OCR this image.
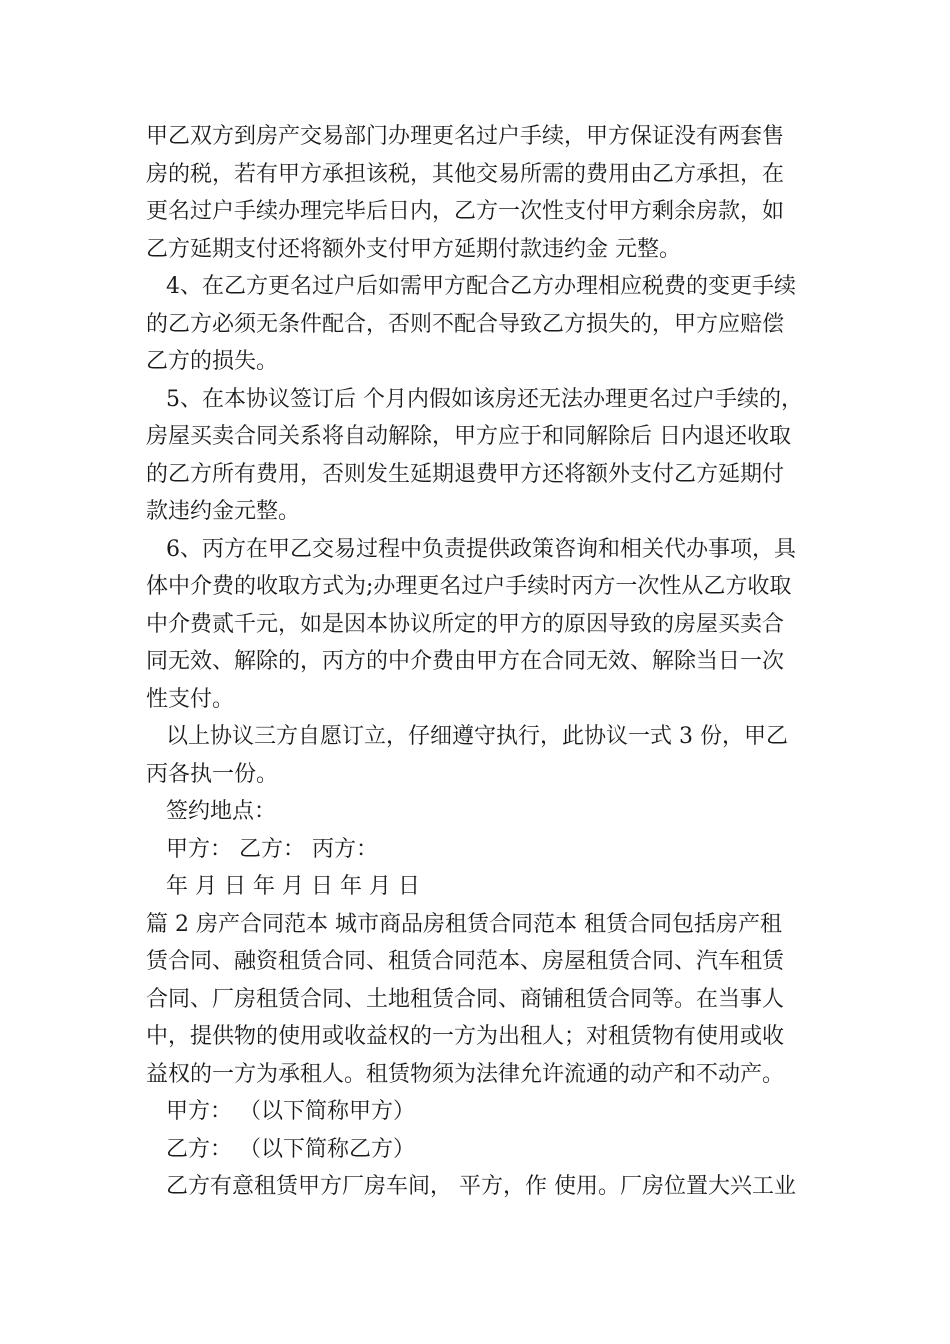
甲乙双方到房产交易部门办理更名过户手续，甲方保证没有两套售
房的税，若有甲方承担该税，其他交易所需的费用由乙方承担，在
更名过户手续办理完毕后日内，乙方一次性支付甲方剩余房款，如
乙方延期支付还将额外支付甲方延期付款违约金 元整。
4、在乙方更名过户后如需甲方配合乙方办理相应税费的变更手续
的乙方必须无条件配合，否则不配合导致乙方损失的，甲方应赔偿
乙方的损失。
5、在本协议签订后 个月内假如该房还无法办理更名过户手续的，
房屋买卖合同关系将自动解除，甲方应于和同解除后 日内退还收取
的乙方所有费用，否则发生延期退费甲方还将额外支付乙方延期付
款违约金元整。
6、丙方在甲乙交易过程中负责提供政策咨询和相关代办事项，具
体中介费的收取方式为;办理更名过户手续时丙方一次性从乙方收取
中介费贰千元，如是因本协议所定的甲方的原因导致的房屋买卖合
同无效、解除的，丙方的中介费由甲方在合同无效、解除当日一次
性支付。
以上协议三方自愿订立，仔细遵守执行，此协议一式 3 份，甲乙
丙各执一份。
签约地点：
甲方： 乙方： 丙方：
年 月 日 年 月 日 年 月 日
篇 2 房产合同范本 城市商品房租赁合同范本 租赁合同包括房产租
赁合同、融资租赁合同、租赁合同范本、房屋租赁合同、汽车租赁
合同、厂房租赁合同、土地租赁合同、商铺租赁合同等。在当事人
中，提供物的使用或收益权的一方为出租人；对租赁物有使用或收
益权的一方为承租人。租赁物须为法律允许流通的动产和不动产。
甲方： （以下简称甲方）
乙方： （以下简称乙方）
乙方有意租赁甲方厂房车间， 平方，作 使用。厂房位置大兴工业
